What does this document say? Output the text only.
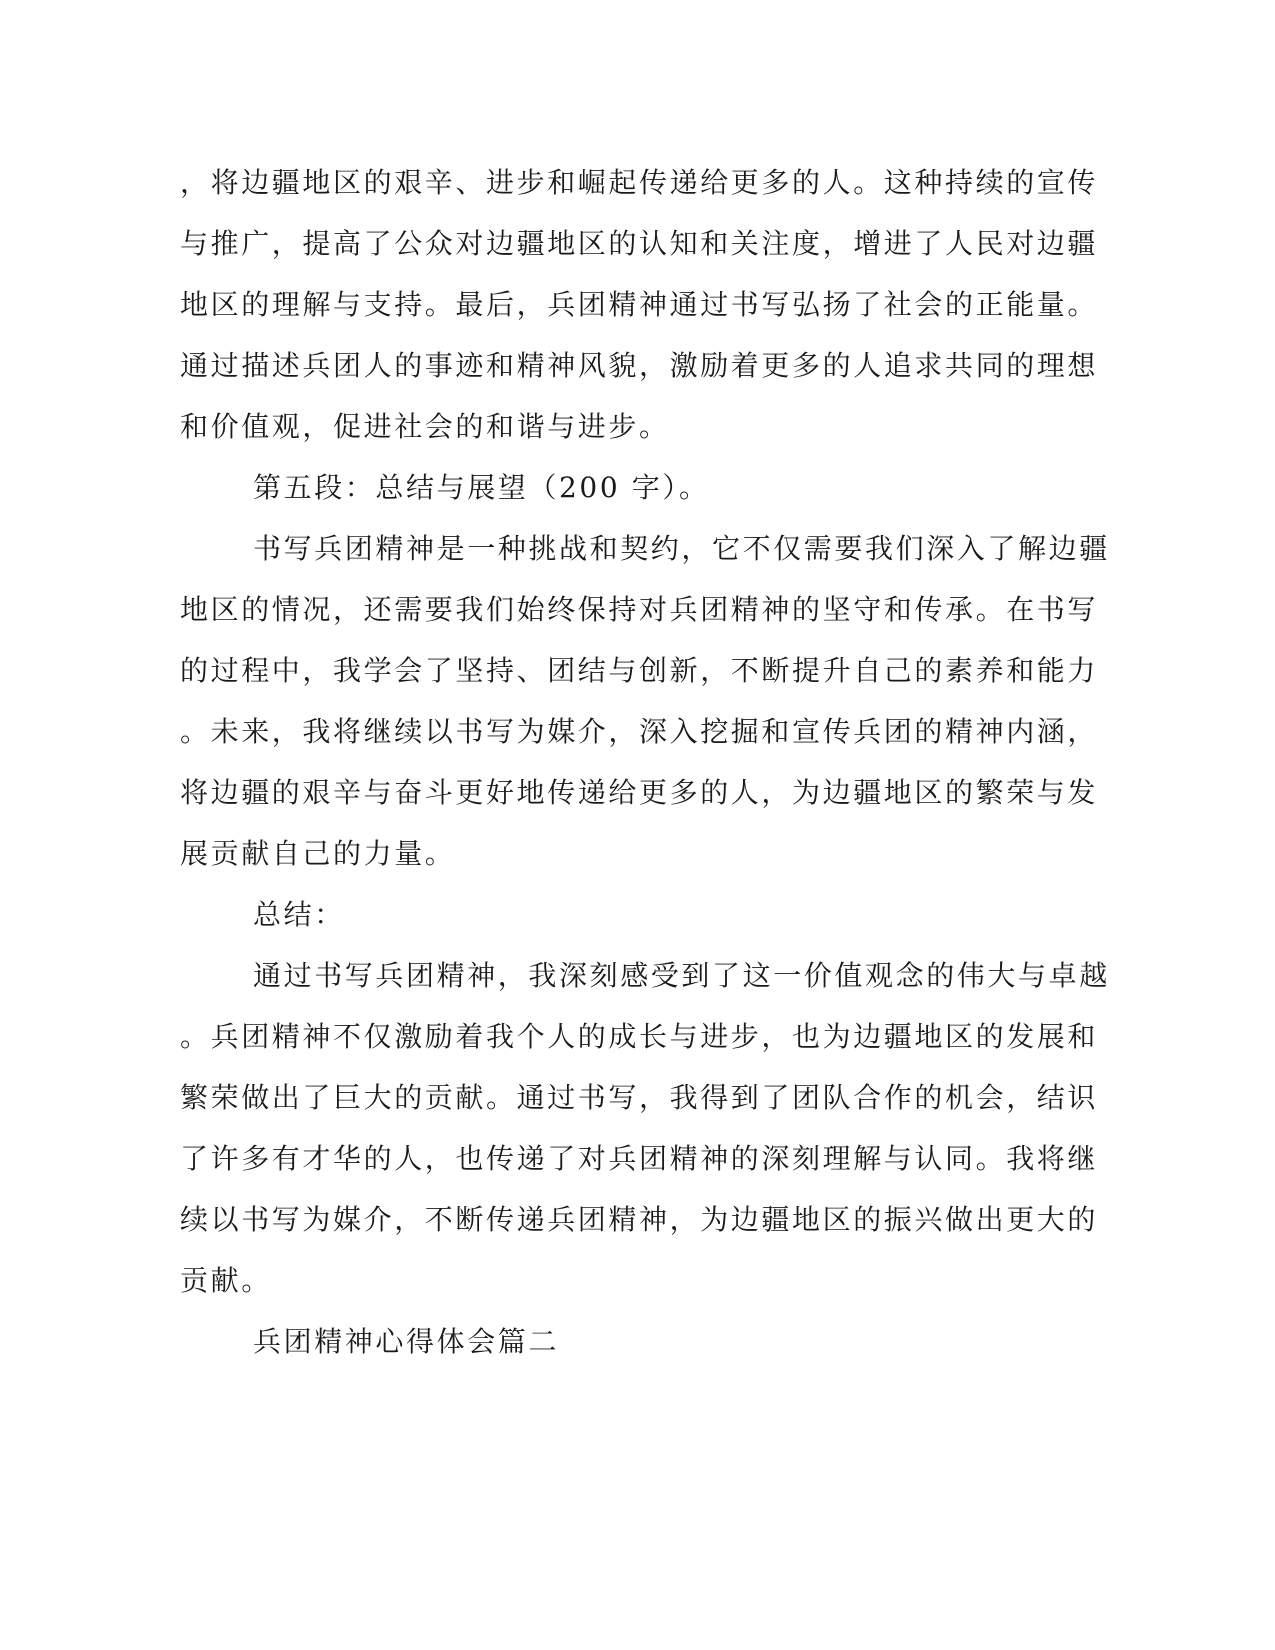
，将边疆地区的艰辛、进步和崛起传递给更多的人。这种持续的宣传
与推广，提高了公众对边疆地区的认知和关注度，增进了人民对边疆
地区的理解与支持。最后，兵团精神通过书写弘扬了社会的正能量。
通过描述兵团人的事迹和精神风貌，激励着更多的人追求共同的理想
和价值观，促进社会的和谐与进步。
第五段：总结与展望（200 字）。
书写兵团精神是一种挑战和契约，它不仅需要我们深入了解边疆
地区的情况，还需要我们始终保持对兵团精神的坚守和传承。在书写
的过程中，我学会了坚持、团结与创新，不断提升自己的素养和能力
。未来，我将继续以书写为媒介，深入挖掘和宣传兵团的精神内涵，
将边疆的艰辛与奋斗更好地传递给更多的人，为边疆地区的繁荣与发
展贡献自己的力量。
总结：
通过书写兵团精神，我深刻感受到了这一价值观念的伟大与卓越
。兵团精神不仅激励着我个人的成长与进步，也为边疆地区的发展和
繁荣做出了巨大的贡献。通过书写，我得到了团队合作的机会，结识
了许多有才华的人，也传递了对兵团精神的深刻理解与认同。我将继
续以书写为媒介，不断传递兵团精神，为边疆地区的振兴做出更大的
贡献。
兵团精神心得体会篇二
